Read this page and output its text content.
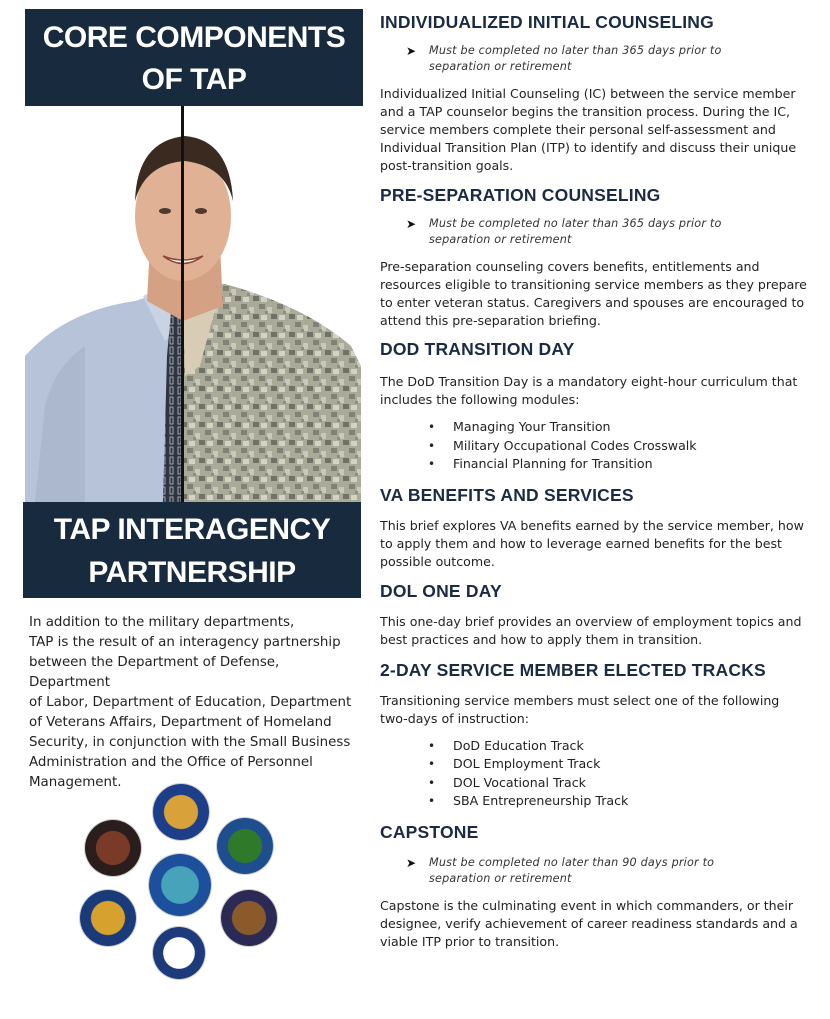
CORE COMPONENTS
OF TAP
TAP INTERAGENCY
PARTNERSHIP
In addition to the military departments,
TAP is the result of an interagency partnership
between the Department of Defense, Department
of Labor, Department of Education, Department
of Veterans Affairs, Department of Homeland
Security, in conjunction with the Small Business
Administration and the Office of Personnel
Management.
INDIVIDUALIZED INITIAL COUNSELING
➤ Must be completed no later than 365 days prior to separation or retirement

Individualized Initial Counseling (IC) between the service member and a TAP counselor begins the transition process. During the IC, service members complete their personal self-assessment and Individual Transition Plan (ITP) to identify and discuss their unique post-transition goals.

PRE-SEPARATION COUNSELING
➤ Must be completed no later than 365 days prior to separation or retirement

Pre-separation counseling covers benefits, entitlements and resources eligible to transitioning service members as they prepare to enter veteran status. Caregivers and spouses are encouraged to attend this pre-separation briefing.

DOD TRANSITION DAY

The DoD Transition Day is a mandatory eight-hour curriculum that includes the following modules:

• Managing Your Transition
• Military Occupational Codes Crosswalk
• Financial Planning for Transition
VA BENEFITS AND SERVICES

This brief explores VA benefits earned by the service member, how to apply them and how to leverage earned benefits for the best possible outcome.

DOL ONE DAY

This one-day brief provides an overview of employment topics and best practices and how to apply them in transition.

2-DAY SERVICE MEMBER ELECTED TRACKS

Transitioning service members must select one of the following two-days of instruction:

• DoD Education Track
• DOL Employment Track
• DOL Vocational Track
• SBA Entrepreneurship Track
CAPSTONE
➤ Must be completed no later than 90 days prior to separation or retirement

Capstone is the culminating event in which commanders, or their designee, verify achievement of career readiness standards and a viable ITP prior to transition.
